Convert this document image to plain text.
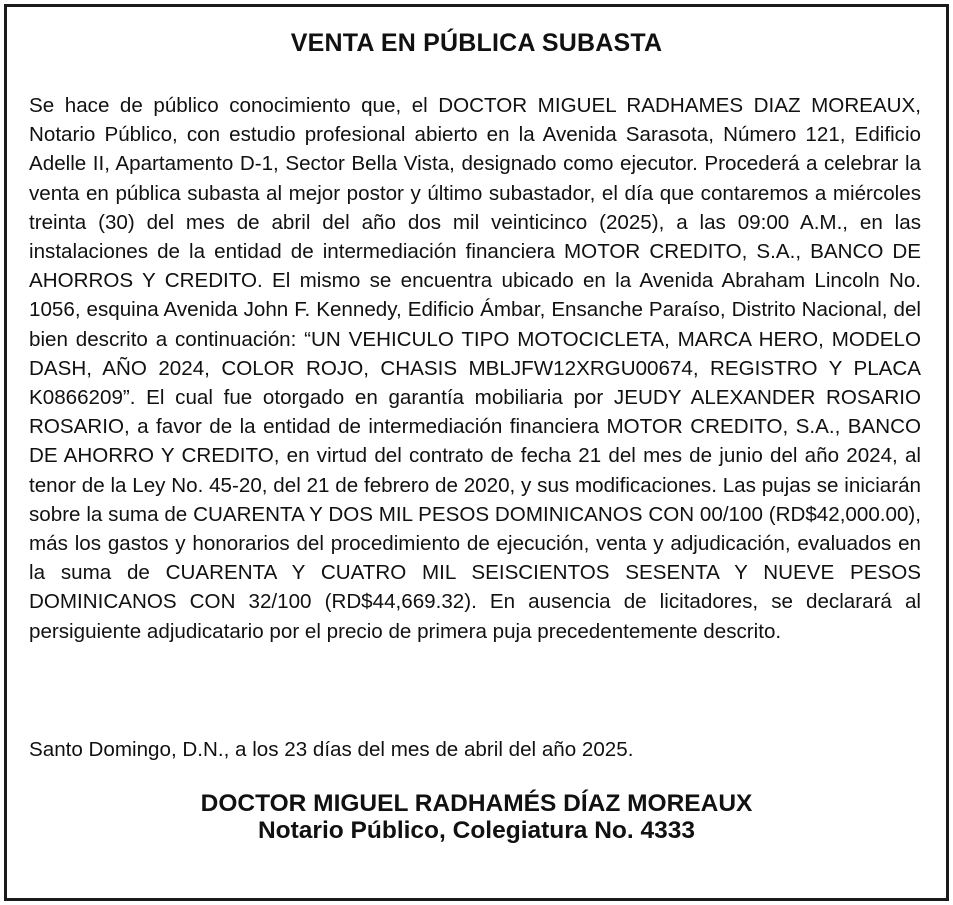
VENTA EN PÚBLICA SUBASTA

Se hace de público conocimiento que, el DOCTOR MIGUEL RADHAMES DIAZ MOREAUX, Notario Público, con estudio profesional abierto en la Avenida Sarasota, Número 121, Edificio Adelle II, Apartamento D-1, Sector Bella Vista, designado como ejecutor. Procederá a celebrar la venta en pública subasta al mejor postor y último subastador, el día que contaremos a miércoles treinta (30) del mes de abril del año dos mil veinticinco (2025), a las 09:00 A.M., en las instalaciones de la entidad de intermediación financiera MOTOR CREDITO, S.A., BANCO DE AHORROS Y CREDITO. El mismo se encuentra ubicado en la Avenida Abraham Lincoln No. 1056, esquina Avenida John F. Kennedy, Edificio Ámbar, Ensanche Paraíso, Distrito Nacional, del bien descrito a continuación: “UN VEHICULO TIPO MOTOCICLETA, MARCA HERO, MODELO DASH, AÑO 2024, COLOR ROJO, CHASIS MBLJFW12XRGU00674, REGISTRO Y PLACA K0866209”. El cual fue otorgado en garantía mobiliaria por JEUDY ALEXANDER ROSARIO ROSARIO, a favor de la entidad de intermediación financiera MOTOR CREDITO, S.A., BANCO DE AHORRO Y CREDITO, en virtud del contrato de fecha 21 del mes de junio del año 2024, al tenor de la Ley No. 45-20, del 21 de febrero de 2020, y sus modificaciones. Las pujas se iniciarán sobre la suma de CUARENTA Y DOS MIL PESOS DOMINICANOS CON 00/100 (RD$42,000.00), más los gastos y honorarios del procedimiento de ejecución, venta y adjudicación, evaluados en la suma de CUARENTA Y CUATRO MIL SEISCIENTOS SESENTA Y NUEVE PESOS DOMINICANOS CON 32/100 (RD$44,669.32). En ausencia de licitadores, se declarará al persiguiente adjudicatario por el precio de primera puja precedentemente descrito.

Santo Domingo, D.N., a los 23 días del mes de abril del año 2025.

DOCTOR MIGUEL RADHAMÉS DÍAZ MOREAUX
Notario Público, Colegiatura No. 4333
